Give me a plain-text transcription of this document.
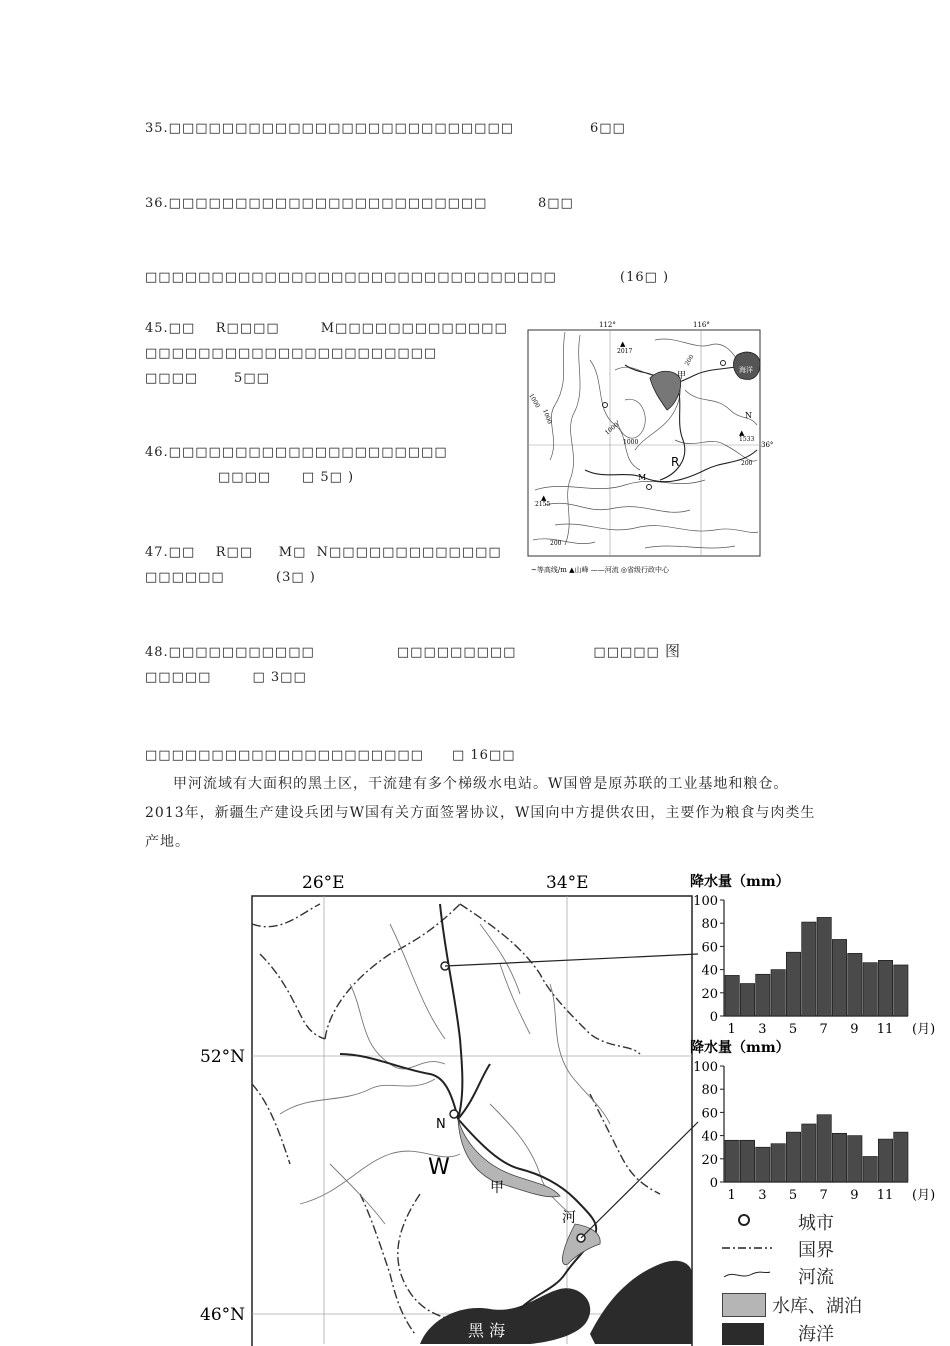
35.□□□□□□□□□□□□□□□□□□□□□□□□□□	6□□
36.□□□□□□□□□□□□□□□□□□□□□□□□	8□□
□□□□□□□□□□□□□□□□□□□□□□□□□□□□□□□	(16□ )
45.□□    R□□□□        M□□□□□□□□□□□□□
□□□□□□□□□□□□□□□□□□□□□□
□□□□       5□□
46.□□□□□□□□□□□□□□□□□□□□□
□□□□      □ 5□ )
47.□□    R□□     M□  N□□□□□□□□□□□□□
□□□□□□          (3□ )
48.□□□□□□□□□□□                □□□□□□□□□               □□□□□
□□□□□        □ 3□□
图
□□□□□□□□□□□□□□□□□□□□□ □ 16□□
甲河流域有大面积的黑土区，干流建有多个梯级水电站。W国曾是原苏联的工业基地和粮仓。2013年，新疆生产建设兵团与W国有关方面签署协议，W国向中方提供农田，主要作为粮食与肉类生产地。
112°	116°
36°
甲
海洋
▲
2017
▲
1533
▲
2155
R
M
N
1000
1000
1000
1000
200
200
200
~等高线/m ▲山峰 ——河流 ◎省级行政中心
26°E	34°E
52°N
46°N
黑 海
W
N
甲
河
降水量（mm）
0
20
40
60
80
100
1 3 5 7 9 11 (月)
降水量（mm）
0
20
40
60
80
100
1 3 5 7 9 11 (月)
城市
国界
河流
水库、湖泊
海洋
